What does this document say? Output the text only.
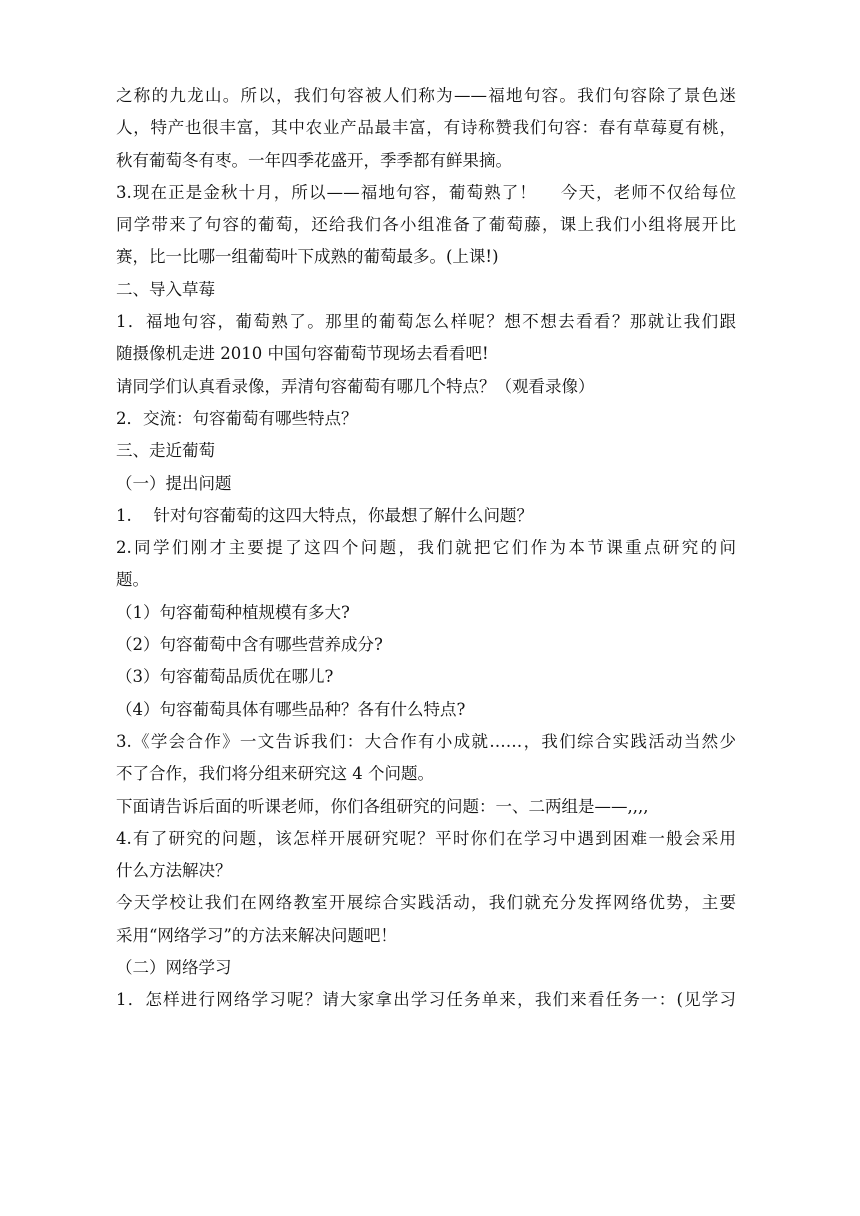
之称的九龙山。所以，我们句容被人们称为——福地句容。我们句容除了景色迷
人，特产也很丰富，其中农业产品最丰富，有诗称赞我们句容：春有草莓夏有桃，
秋有葡萄冬有枣。一年四季花盛开，季季都有鲜果摘。
3.现在正是金秋十月，所以——福地句容，葡萄熟了！　 今天，老师不仅给每位
同学带来了句容的葡萄，还给我们各小组准备了葡萄藤，课上我们小组将展开比
赛，比一比哪一组葡萄叶下成熟的葡萄最多。(上课!)
二、导入草莓
1．福地句容，葡萄熟了。那里的葡萄怎么样呢？想不想去看看？那就让我们跟
随摄像机走进 2010 中国句容葡萄节现场去看看吧!
请同学们认真看录像，弄清句容葡萄有哪几个特点？（观看录像）
2．交流：句容葡萄有哪些特点？
三、走近葡萄
（一）提出问题
1.　 针对句容葡萄的这四大特点，你最想了解什么问题？
2.同学们刚才主要提了这四个问题，我们就把它们作为本节课重点研究的问
题。
（1）句容葡萄种植规模有多大?
（2）句容葡萄中含有哪些营养成分?
（3）句容葡萄品质优在哪儿?
（4）句容葡萄具体有哪些品种？各有什么特点?
3.《学会合作》一文告诉我们：大合作有小成就……，我们综合实践活动当然少
不了合作，我们将分组来研究这 4 个问题。
下面请告诉后面的听课老师，你们各组研究的问题：一、二两组是——,,,,
4.有了研究的问题，该怎样开展研究呢？平时你们在学习中遇到困难一般会采用
什么方法解决？
今天学校让我们在网络教室开展综合实践活动，我们就充分发挥网络优势，主要
采用“网络学习”的方法来解决问题吧！
（二）网络学习
1．怎样进行网络学习呢？请大家拿出学习任务单来，我们来看任务一：(见学习
